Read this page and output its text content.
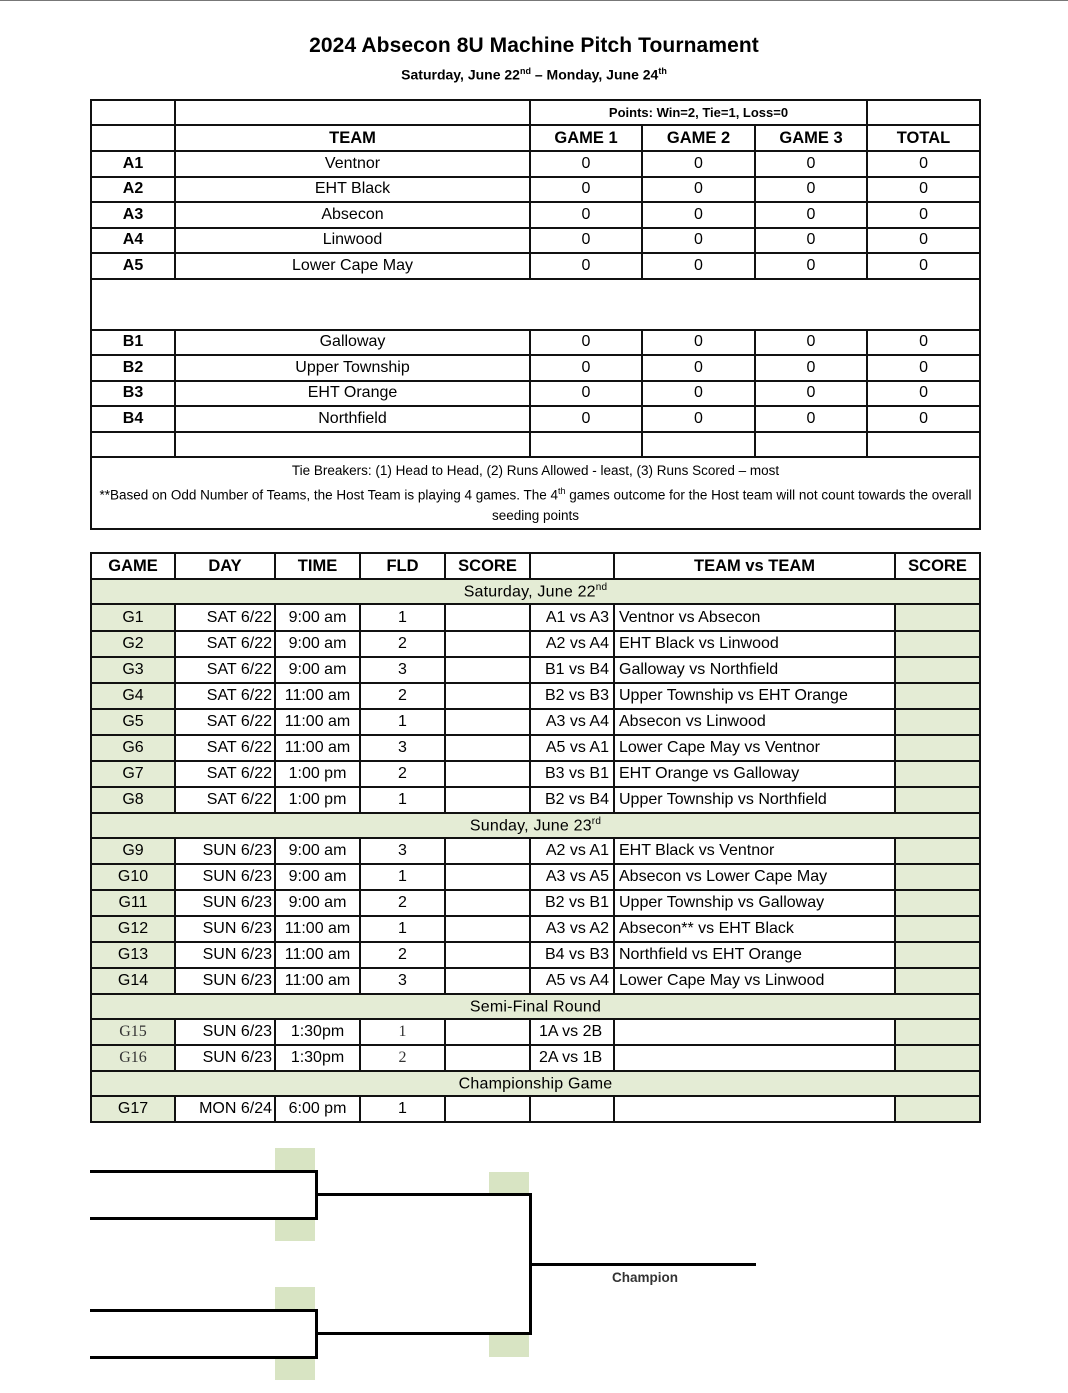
2024 Absecon 8U Machine Pitch Tournament
Saturday, June 22nd – Monday, June 24th
		Points: Win=2, Tie=1, Loss=0			
	TEAM	GAME 1	GAME 2	GAME 3	TOTAL
A1	Ventnor	0	0	0	0
A2	EHT Black	0	0	0	0
A3	Absecon	0	0	0	0
A4	Linwood	0	0	0	0
A5	Lower Cape May	0	0	0	0

B1	Galloway	0	0	0	0
B2	Upper Township	0	0	0	0
B3	EHT Orange	0	0	0	0
B4	Northfield	0	0	0	0

Tie Breakers: (1) Head to Head, (2) Runs Allowed - least, (3) Runs Scored – most
**Based on Odd Number of Teams, the Host Team is playing 4 games. The 4th games outcome for the Host team will not count towards the overall seeding points					
GAME	DAY	TIME	FLD	SCORE		TEAM vs TEAM	SCORE
Saturday, June 22nd
G1	SAT 6/22	9:00 am	1		A1 vs A3	Ventnor vs Absecon	
G2	SAT 6/22	9:00 am	2		A2 vs A4	EHT Black vs Linwood	
G3	SAT 6/22	9:00 am	3		B1 vs B4	Galloway vs Northfield	
G4	SAT 6/22	11:00 am	2		B2 vs B3	Upper Township vs EHT Orange	
G5	SAT 6/22	11:00 am	1		A3 vs A4	Absecon vs Linwood	
G6	SAT 6/22	11:00 am	3		A5 vs A1	Lower Cape May vs Ventnor	
G7	SAT 6/22	1:00 pm	2		B3 vs B1	EHT Orange vs Galloway	
G8	SAT 6/22	1:00 pm	1		B2 vs B4	Upper Township vs Northfield	
Sunday, June 23rd
G9	SUN 6/23	9:00 am	3		A2 vs A1	EHT Black vs Ventnor	
G10	SUN 6/23	9:00 am	1		A3 vs A5	Absecon vs Lower Cape May	
G11	SUN 6/23	9:00 am	2		B2 vs B1	Upper Township vs Galloway	
G12	SUN 6/23	11:00 am	1		A3 vs A2	Absecon** vs EHT Black	
G13	SUN 6/23	11:00 am	2		B4 vs B3	Northfield vs EHT Orange	
G14	SUN 6/23	11:00 am	3		A5 vs A4	Lower Cape May vs Linwood	
Semi-Final Round							
G15	SUN 6/23	1:30pm	1		1A vs 2B		
G16	SUN 6/23	1:30pm	2		2A vs 1B		
Championship Game							
G17	MON 6/24	6:00 pm	1				
Champion
